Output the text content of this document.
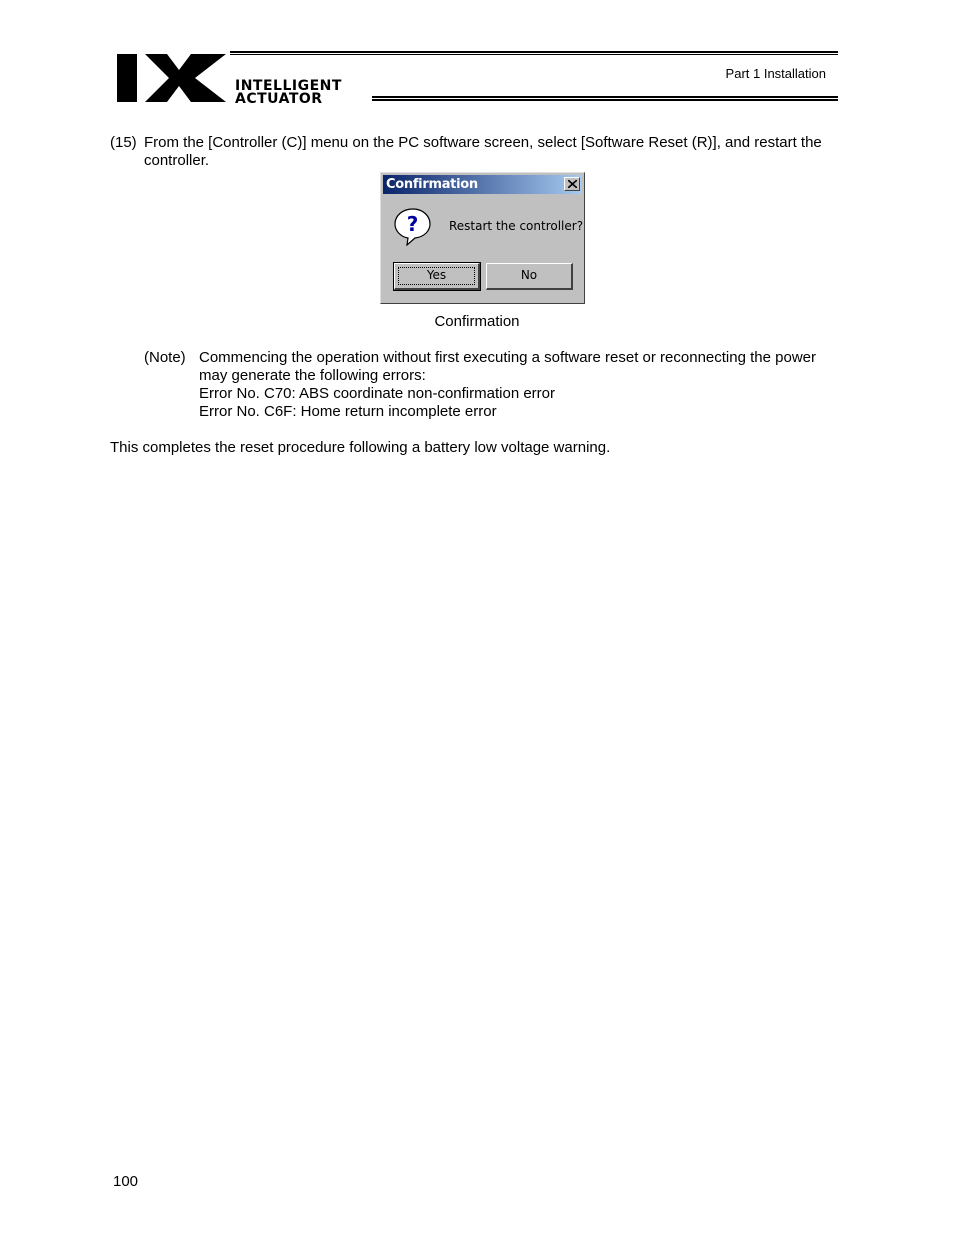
INTELLIGENT
ACTUATOR
Part 1 Installation
(15) From the [Controller (C)] menu on the PC software screen, select [Software Reset (R)], and restart the controller.
Confirmation
?	Restart the controller?
Yes	No
Confirmation
(Note) Commencing the operation without first executing a software reset or reconnecting the power
may generate the following errors:
Error No. C70: ABS coordinate non-confirmation error
Error No. C6F: Home return incomplete error
This completes the reset procedure following a battery low voltage warning.
100
